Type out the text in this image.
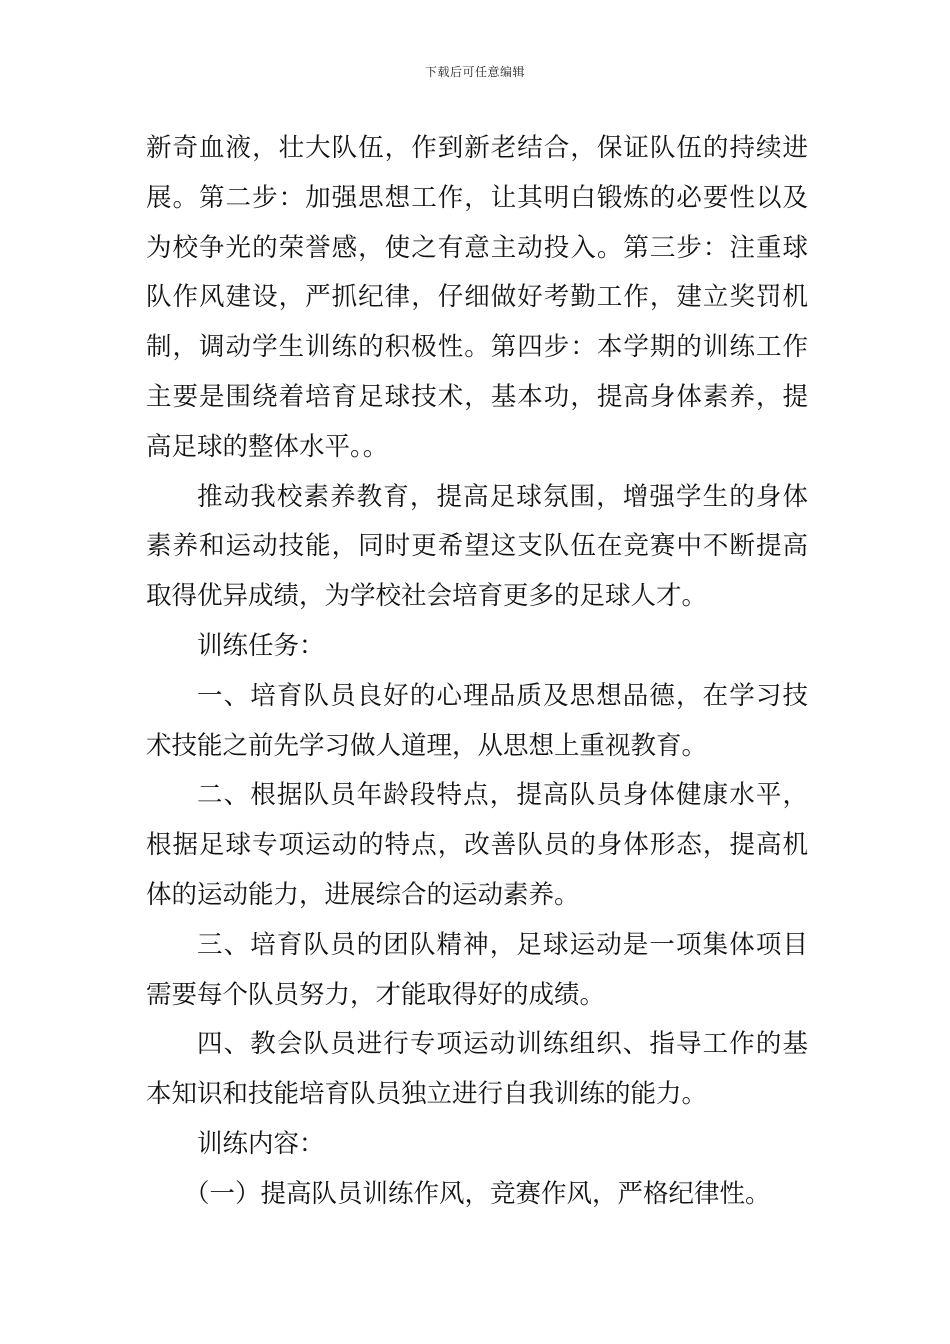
下载后可任意编辑

新奇血液，壮大队伍，作到新老结合，保证队伍的持续进展。第二步：加强思想工作，让其明白锻炼的必要性以及为校争光的荣誉感，使之有意主动投入。第三步：注重球队作风建设，严抓纪律，仔细做好考勤工作，建立奖罚机制，调动学生训练的积极性。第四步：本学期的训练工作主要是围绕着培育足球技术，基本功，提高身体素养，提高足球的整体水平。。

推动我校素养教育，提高足球氛围，增强学生的身体素养和运动技能，同时更希望这支队伍在竞赛中不断提高取得优异成绩，为学校社会培育更多的足球人才。

训练任务：

一、培育队员良好的心理品质及思想品德，在学习技术技能之前先学习做人道理，从思想上重视教育。

二、根据队员年龄段特点，提高队员身体健康水平，根据足球专项运动的特点，改善队员的身体形态，提高机体的运动能力，进展综合的运动素养。

三、培育队员的团队精神，足球运动是一项集体项目需要每个队员努力，才能取得好的成绩。

四、教会队员进行专项运动训练组织、指导工作的基本知识和技能培育队员独立进行自我训练的能力。

训练内容：

（一）提高队员训练作风，竞赛作风，严格纪律性。
